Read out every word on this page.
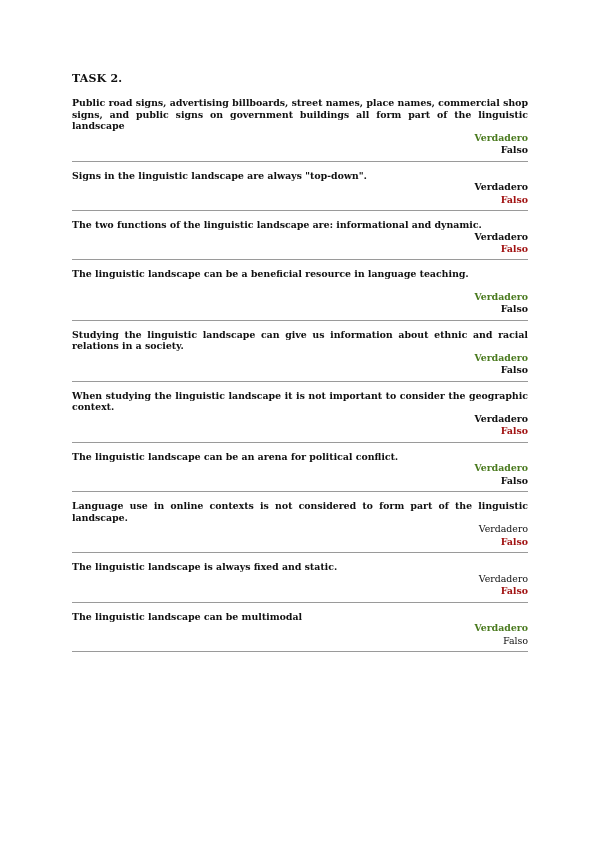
TASK 2.

Public road signs, advertising billboards, street names, place names, commercial shop signs, and public signs on government buildings all form part of the linguistic landscape

Verdadero
Falso

Signs in the linguistic landscape are always "top-down".

Verdadero
Falso

The two functions of the linguistic landscape are: informational and dynamic.

Verdadero
Falso

The linguistic landscape can be a beneficial resource in language teaching.

Verdadero
Falso

Studying the linguistic landscape can give us information about ethnic and racial relations in a society.

Verdadero
Falso

When studying the linguistic landscape it is not important to consider the geographic context.

Verdadero
Falso

The linguistic landscape can be an arena for political conflict.

Verdadero
Falso

Language use in online contexts is not considered to form part of the linguistic landscape.

Verdadero
Falso

The linguistic landscape is always fixed and static.

Verdadero
Falso

The linguistic landscape can be multimodal

Verdadero
Falso
